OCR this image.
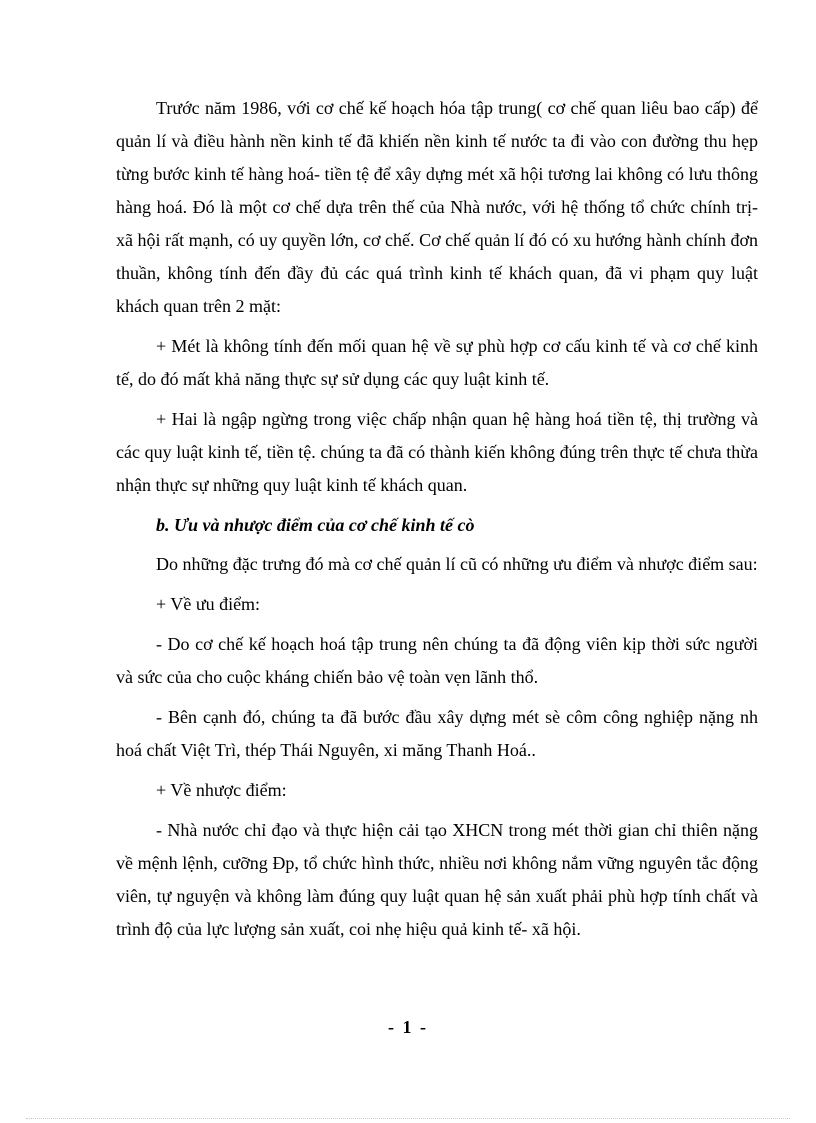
Trước năm 1986, với cơ chế kế hoạch hóa tập trung( cơ chế quan liêu bao cấp) để quản lí và điều hành nền kinh tế đã khiến nền kinh tế nước ta đi vào con đường thu hẹp từng bước kinh tế hàng hoá- tiền tệ để xây dựng mét xã hội tương lai không có lưu thông hàng hoá. Đó là một cơ chế dựa trên thế của Nhà nước, với hệ thống tổ chức chính trị- xã hội rất mạnh, có uy quyền lớn, cơ chế. Cơ chế quản lí đó có xu hướng hành chính đơn thuần, không tính đến đầy đủ các quá trình kinh tế khách quan, đã vi phạm quy luật khách quan trên 2 mặt:

+ Mét là không tính đến mối quan hệ về sự phù hợp cơ cấu kinh tế và cơ chế kinh tế, do đó mất khả năng thực sự sử dụng các quy luật kinh tế.

+ Hai là ngập ngừng trong việc chấp nhận quan hệ hàng hoá tiền tệ, thị trường và các quy luật kinh tế, tiền tệ. chúng ta đã có thành kiến không đúng trên thực tế chưa thừa nhận thực sự những quy luật kinh tế khách quan.

b. Ưu và nhược điểm của cơ chế kinh tế cò

Do những đặc trưng đó mà cơ chế quản lí cũ có những ưu điểm và nhược điểm sau:

+ Về ưu điểm:

- Do cơ chế kế hoạch hoá tập trung nên chúng ta đã động viên kịp thời sức người và sức của cho cuộc kháng chiến bảo vệ toàn vẹn lãnh thổ.

- Bên cạnh đó, chúng ta đã bước đầu xây dựng mét sè côm công nghiệp nặng nh   hoá chất Việt Trì, thép Thái Nguyên, xi măng Thanh Hoá..

+ Về nhược điểm:

- Nhà nước chỉ đạo và thực hiện cải tạo XHCN trong mét thời gian chỉ thiên nặng về mệnh lệnh, cưỡng Đp, tổ chức hình thức, nhiều nơi không nắm vững nguyên tắc động viên, tự nguyện và không làm đúng quy luật quan hệ sản xuất phải phù hợp tính chất và trình độ của lực lượng sản xuất, coi nhẹ hiệu quả kinh tế- xã hội.

- 1 -
